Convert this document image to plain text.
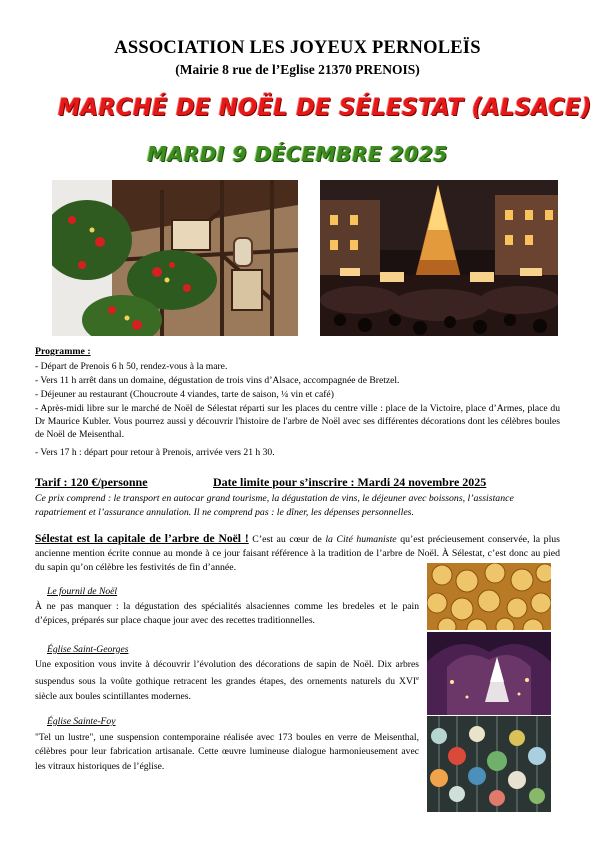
ASSOCIATION LES JOYEUX PERNOLEÏS
(Mairie 8 rue de l’Eglise 21370 PRENOIS)
MARCHÉ DE NOËL DE SÉLESTAT (ALSACE)
MARDI 9 DÉCEMBRE 2025
Programme :
- Départ de Prenois 6 h 50, rendez-vous à la mare.
- Vers 11 h arrêt dans un domaine, dégustation de trois vins d’Alsace, accompagnée de Bretzel.
- Déjeuner au restaurant (Choucroute 4 viandes, tarte de saison, ¼ vin et café)
- Après-midi libre sur le marché de Noël de Sélestat réparti sur les places du centre ville : place de la Victoire, place d’Armes, place du Dr Maurice Kubler. Vous pourrez aussi y découvrir l'histoire de l'arbre de Noël avec ses différentes décorations dont les célèbres boules de Noël de Meisenthal.
- Vers 17 h : départ pour retour à Prenois, arrivée vers 21 h 30.
Tarif : 120 €/personne	Date limite pour s’inscrire : Mardi 24 novembre 2025
Ce prix comprend : le transport en autocar grand tourisme, la dégustation de vins, le déjeuner avec boissons, l’assistance rapatriement et l’assurance annulation. Il ne comprend pas : le dîner, les dépenses personnelles.
Sélestat est la capitale de l’arbre de Noël ! C’est au cœur de la Cité humaniste qu’est précieusement conservée, la plus ancienne mention écrite connue au monde à ce jour faisant référence à la tradition de l’arbre de Noël. À Sélestat, c’est donc au pied du sapin qu’on célèbre les festivités de fin d’année.
Le fournil de Noël
À ne pas manquer : la dégustation des spécialités alsaciennes comme les bredeles et le pain d’épices, préparés sur place chaque jour avec des recettes traditionnelles.
Église Saint-Georges
Une exposition vous invite à découvrir l’évolution des décorations de sapin de Noël. Dix arbres suspendus sous la voûte gothique retracent les grandes étapes, des ornements naturels du XVIe siècle aux boules scintillantes modernes.
Église Sainte-Foy
"Tel un lustre", une suspension contemporaine réalisée avec 173 boules en verre de Meisenthal, célèbres pour leur fabrication artisanale. Cette œuvre lumineuse dialogue harmonieusement avec les vitraux historiques de l’église.
